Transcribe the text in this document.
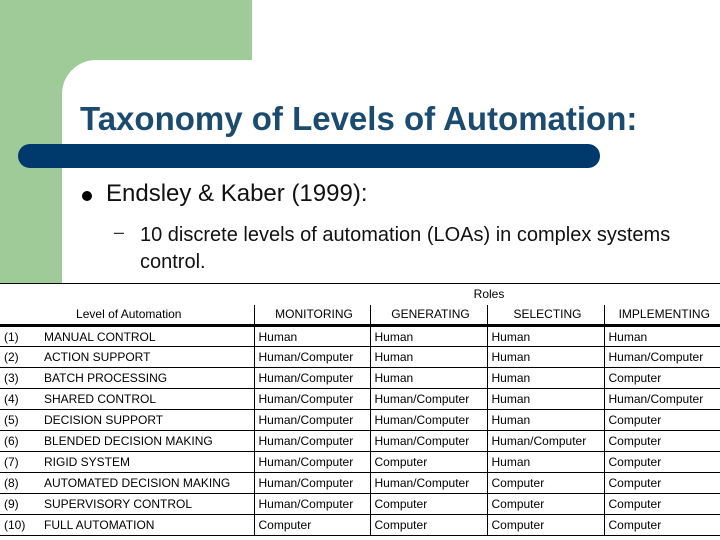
Taxonomy of Levels of Automation:
Endsley & Kaber (1999):
– 10 discrete levels of automation (LOAs) in complex systems control.
		Roles			
Level of Automation		MONITORING	GENERATING	SELECTING	IMPLEMENTING
(1)	MANUAL CONTROL	Human	Human	Human	Human
(2)	ACTION SUPPORT	Human/Computer	Human	Human	Human/Computer
(3)	BATCH PROCESSING	Human/Computer	Human	Human	Computer
(4)	SHARED CONTROL	Human/Computer	Human/Computer	Human	Human/Computer
(5)	DECISION SUPPORT	Human/Computer	Human/Computer	Human	Computer
(6)	BLENDED DECISION MAKING	Human/Computer	Human/Computer	Human/Computer	Computer
(7)	RIGID SYSTEM	Human/Computer	Computer	Human	Computer
(8)	AUTOMATED DECISION MAKING	Human/Computer	Human/Computer	Computer	Computer
(9)	SUPERVISORY CONTROL	Human/Computer	Computer	Computer	Computer
(10)	FULL AUTOMATION	Computer	Computer	Computer	Computer
